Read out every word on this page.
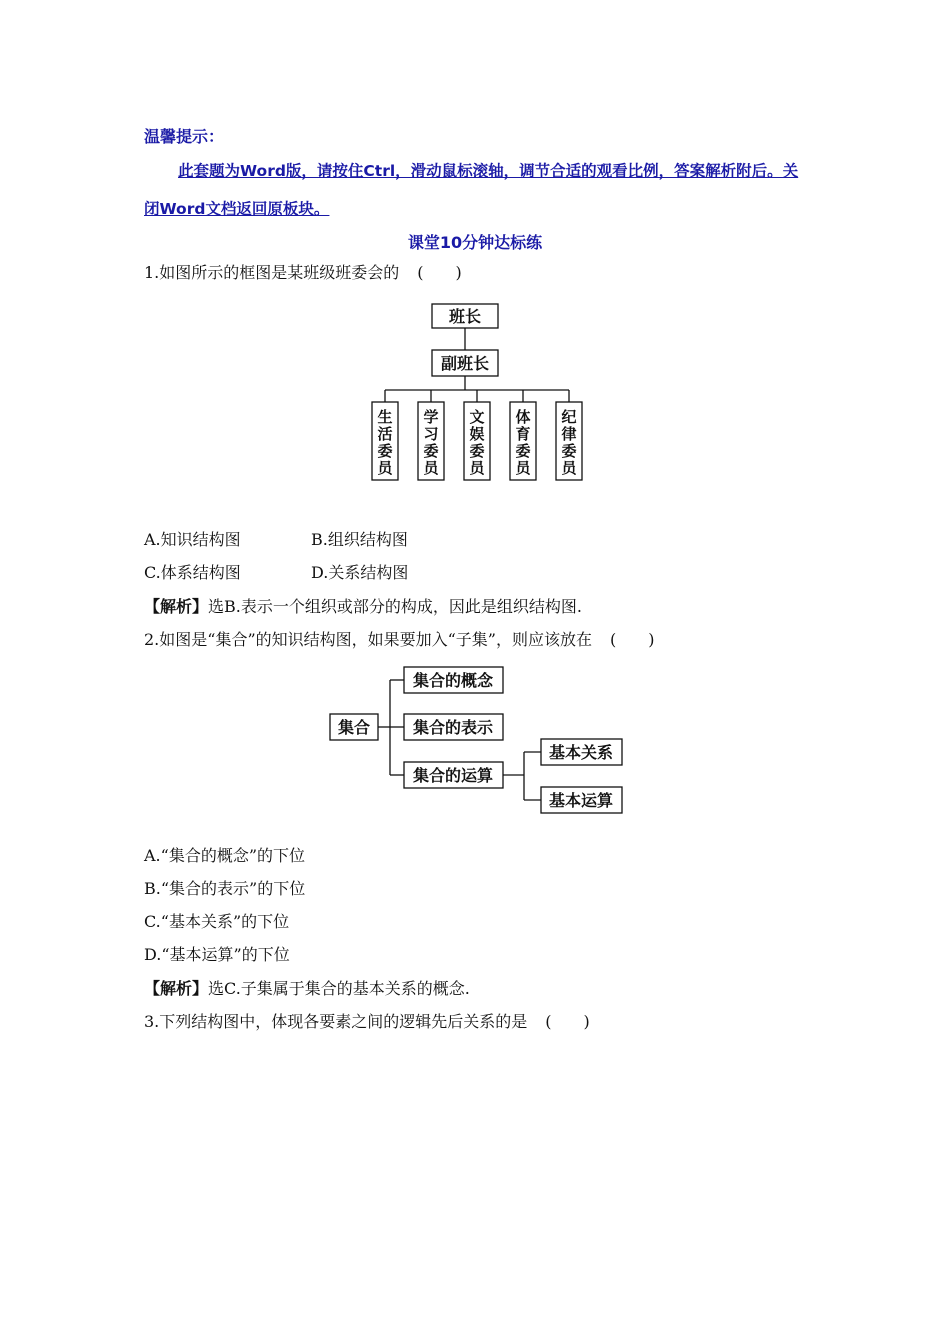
温馨提示：
此套题为Word版，请按住Ctrl，滑动鼠标滚轴，调节合适的观看比例，答案解析附后。关
闭Word文档返回原板块。
课堂10分钟达标练
1.如图所示的框图是某班级班委会的 (　　)
班长
副班长
生活委员
学习委员
文娱委员
体育委员
纪律委员
A.知识结构图	B.组织结构图
C.体系结构图	D.关系结构图
【解析】选B.表示一个组织或部分的构成，因此是组织结构图.
2.如图是“集合”的知识结构图，如果要加入“子集”，则应该放在 (　　)
集合
集合的概念
集合的表示
集合的运算
基本关系
基本运算
A.“集合的概念”的下位
B.“集合的表示”的下位
C.“基本关系”的下位
D.“基本运算”的下位
【解析】选C.子集属于集合的基本关系的概念.
3.下列结构图中，体现各要素之间的逻辑先后关系的是 (　　)
